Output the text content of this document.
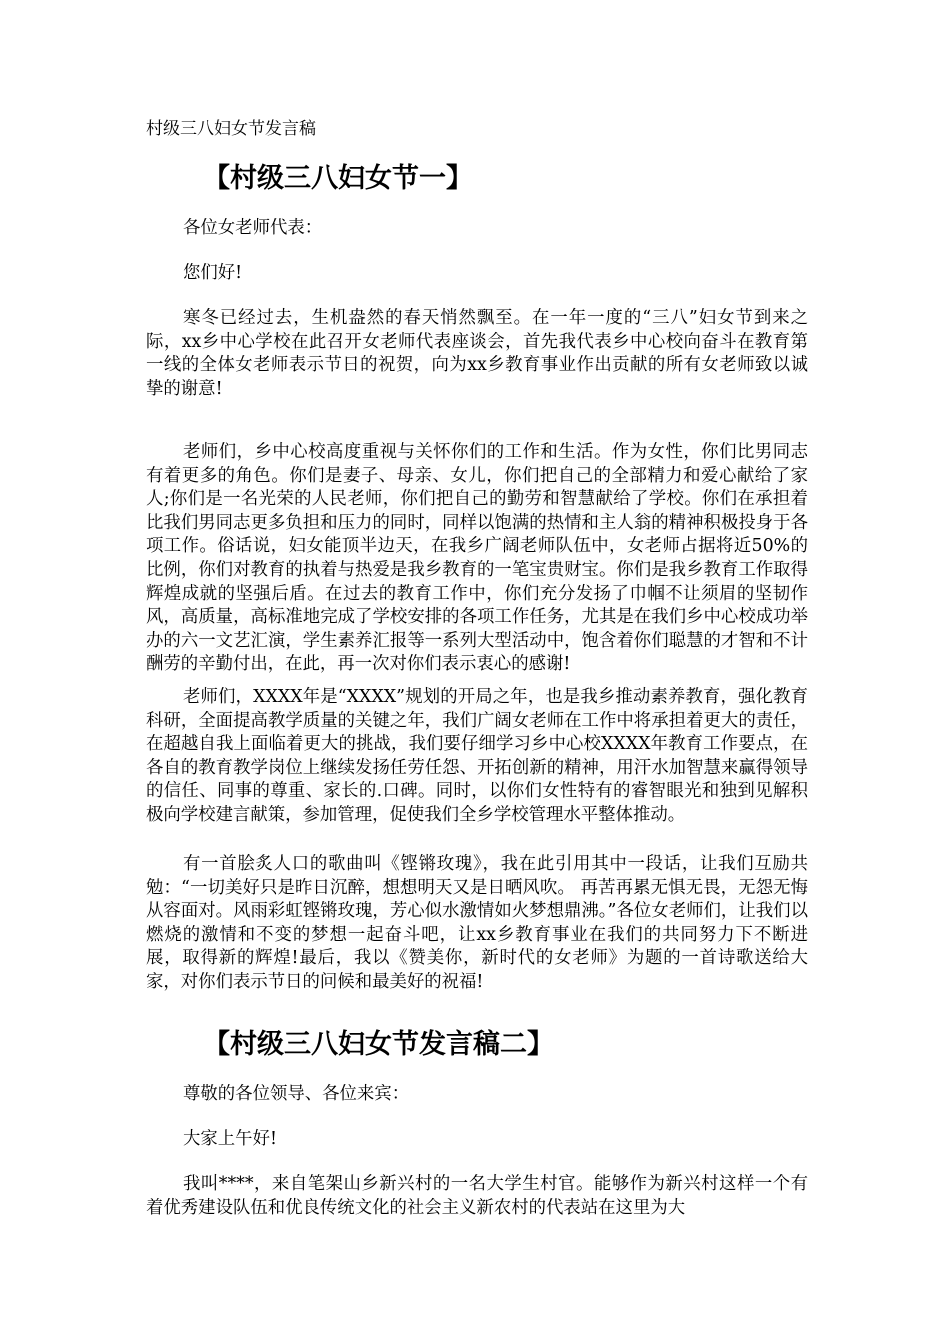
村级三八妇女节发言稿
【村级三八妇女节一】

各位女老师代表：

您们好!

寒冬已经过去，生机盎然的春天悄然飘至。在一年一度的“三八”妇女节到来之际，xx乡中心学校在此召开女老师代表座谈会，首先我代表乡中心校向奋斗在教育第一线的全体女老师表示节日的祝贺，向为xx乡教育事业作出贡献的所有女老师致以诚挚的谢意!

老师们，乡中心校高度重视与关怀你们的工作和生活。作为女性，你们比男同志有着更多的角色。你们是妻子、母亲、女儿，你们把自己的全部精力和爱心献给了家人;你们是一名光荣的人民老师，你们把自己的勤劳和智慧献给了学校。你们在承担着比我们男同志更多负担和压力的同时，同样以饱满的热情和主人翁的精神积极投身于各项工作。俗话说，妇女能顶半边天，在我乡广阔老师队伍中，女老师占据将近50%的比例，你们对教育的执着与热爱是我乡教育的一笔宝贵财宝。你们是我乡教育工作取得辉煌成就的坚强后盾。在过去的教育工作中，你们充分发扬了巾帼不让须眉的坚韧作风，高质量，高标准地完成了学校安排的各项工作任务，尤其是在我们乡中心校成功举办的六一文艺汇演，学生素养汇报等一系列大型活动中，饱含着你们聪慧的才智和不计酬劳的辛勤付出，在此，再一次对你们表示衷心的感谢!

老师们，XXXX年是“XXXX”规划的开局之年，也是我乡推动素养教育，强化教育科研，全面提高教学质量的关键之年，我们广阔女老师在工作中将承担着更大的责任，在超越自我上面临着更大的挑战，我们要仔细学习乡中心校XXXX年教育工作要点，在各自的教育教学岗位上继续发扬任劳任怨、开拓创新的精神，用汗水加智慧来赢得领导的信任、同事的尊重、家长的.口碑。同时，以你们女性特有的睿智眼光和独到见解积极向学校建言献策，参加管理，促使我们全乡学校管理水平整体推动。

有一首脍炙人口的歌曲叫《铿锵玫瑰》，我在此引用其中一段话，让我们互励共勉：“一切美好只是昨日沉醉，想想明天又是日晒风吹。 再苦再累无惧无畏，无怨无悔从容面对。风雨彩虹铿锵玫瑰，芳心似水激情如火梦想鼎沸。”各位女老师们，让我们以燃烧的激情和不变的梦想一起奋斗吧，让xx乡教育事业在我们的共同努力下不断进展，取得新的辉煌!最后，我以《赞美你，新时代的女老师》为题的一首诗歌送给大家，对你们表示节日的问候和最美好的祝福!

【村级三八妇女节发言稿二】

尊敬的各位领导、各位来宾：

大家上午好!

我叫****，来自笔架山乡新兴村的一名大学生村官。能够作为新兴村这样一个有着优秀建设队伍和优良传统文化的社会主义新农村的代表站在这里为大
